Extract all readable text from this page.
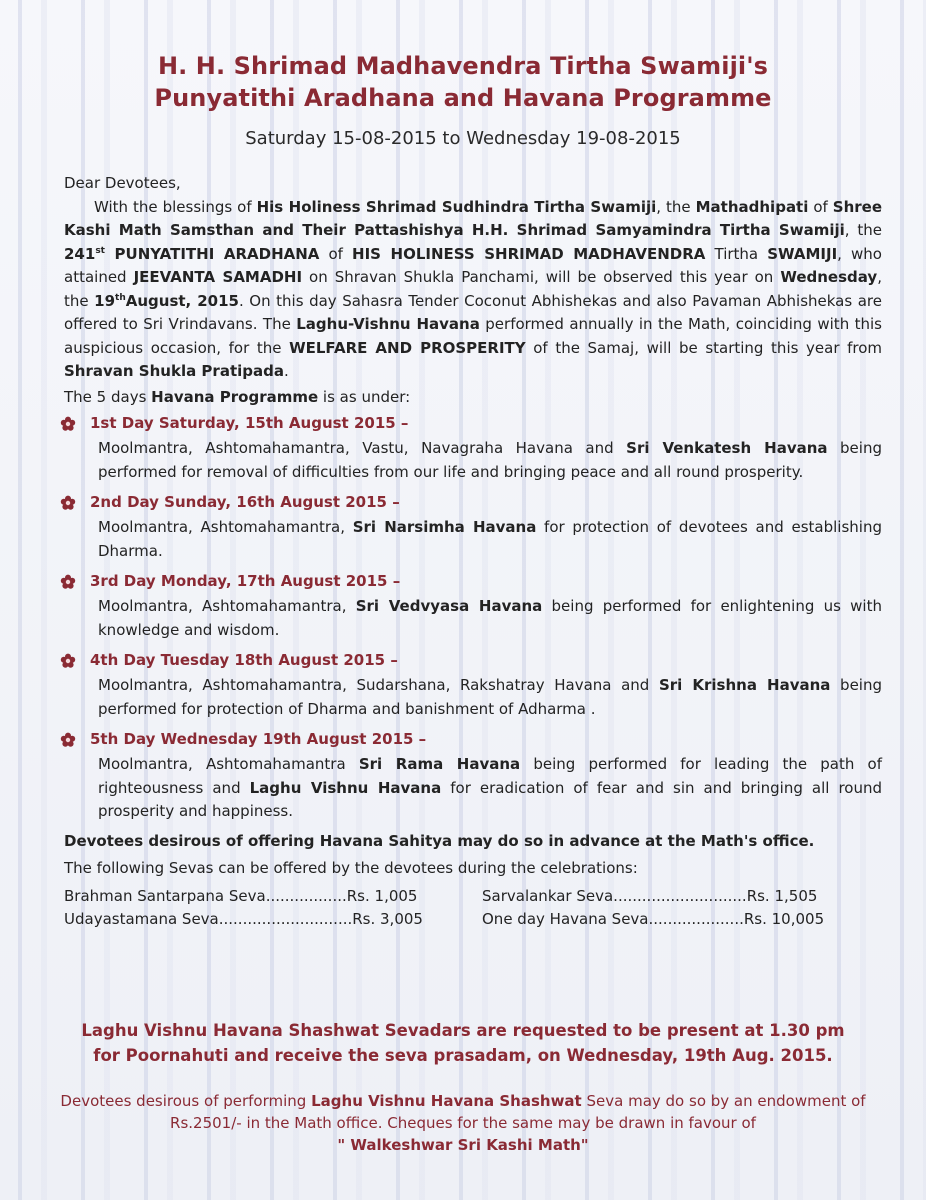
H. H. Shrimad Madhavendra Tirtha Swamiji's
Punyatithi Aradhana and Havana Programme
Saturday 15-08-2015 to Wednesday 19-08-2015

Dear Devotees,

With the blessings of His Holiness Shrimad Sudhindra Tirtha Swamiji, the Mathadhipati of Shree Kashi Math Samsthan and Their Pattashishya H.H. Shrimad Samyamindra Tirtha Swamiji, the 241st PUNYATITHI ARADHANA of HIS HOLINESS SHRIMAD MADHAVENDRA Tirtha SWAMIJI, who attained JEEVANTA SAMADHI on Shravan Shukla Panchami, will be observed this year on Wednesday, the 19thAugust, 2015. On this day Sahasra Tender Coconut Abhishekas and also Pavaman Abhishekas are offered to Sri Vrindavans. The Laghu-Vishnu Havana performed annually in the Math, coinciding with this auspicious occasion, for the WELFARE AND PROSPERITY of the Samaj, will be starting this year from Shravan Shukla Pratipada.

The 5 days Havana Programme is as under:

1st Day Saturday, 15th August 2015 –

Moolmantra, Ashtomahamantra, Vastu, Navagraha Havana and Sri Venkatesh Havana being performed for removal of difficulties from our life and bringing peace and all round prosperity.

2nd Day Sunday, 16th August 2015 –

Moolmantra, Ashtomahamantra, Sri Narsimha Havana for protection of devotees and establishing Dharma.

3rd Day Monday, 17th August 2015 –

Moolmantra, Ashtomahamantra, Sri Vedvyasa Havana being performed for enlightening us with knowledge and wisdom.

4th Day Tuesday 18th August 2015 –

Moolmantra, Ashtomahamantra, Sudarshana, Rakshatray Havana and Sri Krishna Havana being performed for protection of Dharma and banishment of Adharma .

5th Day Wednesday 19th August 2015 –

Moolmantra, Ashtomahamantra Sri Rama Havana being performed for leading the path of righteousness and Laghu Vishnu Havana for eradication of fear and sin and bringing all round prosperity and happiness.

Devotees desirous of offering Havana Sahitya may do so in advance at the Math's office.

The following Sevas can be offered by the devotees during the celebrations:

Brahman Santarpana Seva.................Rs. 1,005	Sarvalankar Seva............................Rs. 1,505
Udayastamana Seva............................Rs. 3,005	One day Havana Seva....................Rs. 10,005
Laghu Vishnu Havana Shashwat Sevadars are requested to be present at 1.30 pm
for Poornahuti and receive the seva prasadam, on Wednesday, 19th Aug. 2015.
Devotees desirous of performing Laghu Vishnu Havana Shashwat Seva may do so by an endowment of Rs.2501/- in the Math office. Cheques for the same may be drawn in favour of
" Walkeshwar Sri Kashi Math"
